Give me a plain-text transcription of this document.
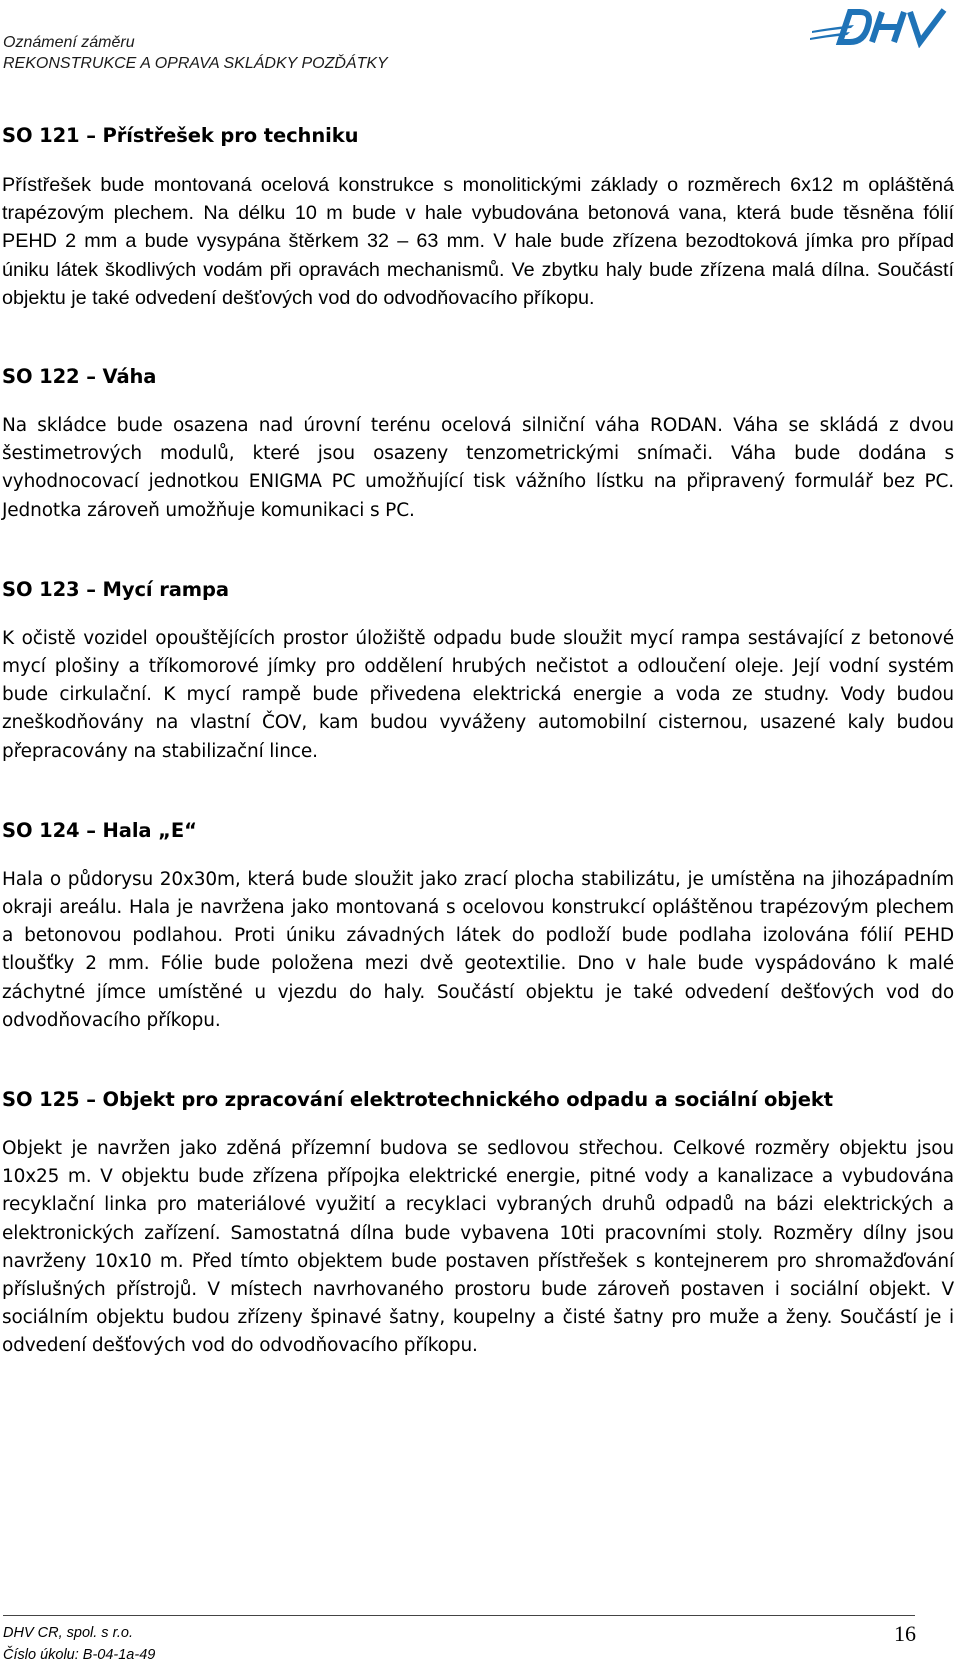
Oznámení záměru
REKONSTRUKCE A OPRAVA SKLÁDKY POZĎÁTKY
SO 121 – Přístřešek pro techniku

Přístřešek bude montovaná ocelová konstrukce s monolitickými základy o rozměrech 6x12 m opláštěná trapézovým plechem. Na délku 10 m bude v hale vybudována betonová vana, která bude těsněna fólií PEHD 2 mm a bude vysypána štěrkem 32 – 63 mm. V hale bude zřízena bezodtoková jímka pro případ úniku látek škodlivých vodám při opravách mechanismů. Ve zbytku haly bude zřízena malá dílna. Součástí objektu je také odvedení dešťových vod do odvodňovacího příkopu.

SO 122 – Váha

Na skládce bude osazena nad úrovní terénu ocelová silniční váha RODAN. Váha se skládá z dvou šestimetrových modulů, které jsou osazeny tenzometrickými snímači. Váha bude dodána s vyhodnocovací jednotkou ENIGMA PC umožňující tisk vážního lístku na připravený formulář bez PC. Jednotka zároveň umožňuje komunikaci s PC.

SO 123 – Mycí rampa

K očistě vozidel opouštějících prostor úložiště odpadu bude sloužit mycí rampa sestávající z betonové mycí plošiny a tříkomorové jímky pro oddělení hrubých nečistot a odloučení oleje. Její vodní systém bude cirkulační. K mycí rampě bude přivedena elektrická energie a voda ze studny. Vody budou zneškodňovány na vlastní ČOV, kam budou vyváženy automobilní cisternou, usazené kaly budou přepracovány na stabilizační lince.

SO 124 – Hala „E“

Hala o půdorysu 20x30m, která bude sloužit jako zrací plocha stabilizátu, je umístěna na jihozápadním okraji areálu. Hala je navržena jako montovaná s ocelovou konstrukcí opláštěnou trapézovým plechem a betonovou podlahou. Proti úniku závadných látek do podloží bude podlaha izolována fólií PEHD tloušťky 2 mm. Fólie bude položena mezi dvě geotextilie. Dno v hale bude vyspádováno k malé záchytné jímce umístěné u vjezdu do haly. Součástí objektu je také odvedení dešťových vod do odvodňovacího příkopu.

SO 125 – Objekt pro zpracování elektrotechnického odpadu a sociální objekt

Objekt je navržen jako zděná přízemní budova se sedlovou střechou. Celkové rozměry objektu jsou 10x25 m. V objektu bude zřízena přípojka elektrické energie, pitné vody a kanalizace a vybudována recyklační linka pro materiálové využití a recyklaci vybraných druhů odpadů na bázi elektrických a elektronických zařízení. Samostatná dílna bude vybavena 10ti pracovními stoly. Rozměry dílny jsou navrženy 10x10 m. Před tímto objektem bude postaven přístřešek s kontejnerem pro shromažďování příslušných přístrojů. V místech navrhovaného prostoru bude zároveň postaven i sociální objekt. V sociálním objektu budou zřízeny špinavé šatny, koupelny a čisté šatny pro muže a ženy. Součástí je i odvedení dešťových vod do odvodňovacího příkopu.

DHV CR, spol. s r.o.
Číslo úkolu: B-04-1a-49
16
